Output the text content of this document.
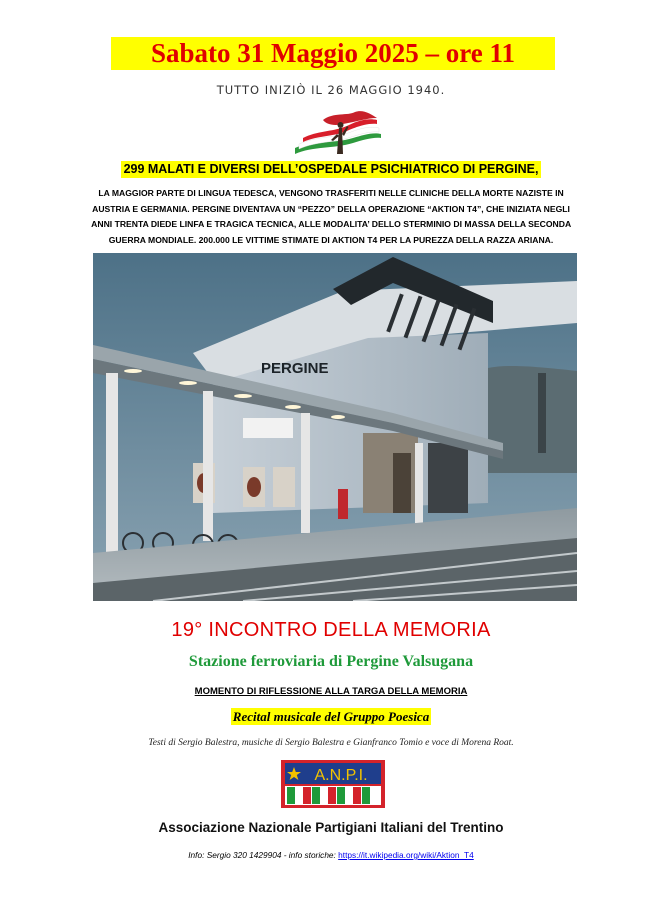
Sabato 31 Maggio 2025 – ore 11
TUTTO INIZIÒ IL 26 MAGGIO 1940.
299 MALATI E DIVERSI DELL’OSPEDALE PSICHIATRICO DI PERGINE,
LA MAGGIOR PARTE DI LINGUA TEDESCA, VENGONO TRASFERITI NELLE CLINICHE DELLA MORTE NAZISTE IN AUSTRIA E GERMANIA. PERGINE DIVENTAVA UN “PEZZO” DELLA OPERAZIONE “AKTION T4”, CHE INIZIATA NEGLI ANNI TRENTA DIEDE LINFA E TRAGICA TECNICA, ALLE MODALITA’ DELLO STERMINIO DI MASSA DELLA SECONDA GUERRA MONDIALE. 200.000 LE VITTIME STIMATE DI AKTION T4 PER LA PUREZZA DELLA RAZZA ARIANA.
PERGINE
19° INCONTRO DELLA MEMORIA
Stazione ferroviaria di Pergine Valsugana
MOMENTO DI RIFLESSIONE ALLA TARGA DELLA MEMORIA
Recital musicale del Gruppo Poesica
Testi di Sergio Balestra, musiche di Sergio Balestra e Gianfranco Tomio e voce di Morena Roat.
A.N.P.I.
Associazione Nazionale Partigiani Italiani del Trentino
Info: Sergio 320 1429904 - info storiche: https://it.wikipedia.org/wiki/Aktion_T4
